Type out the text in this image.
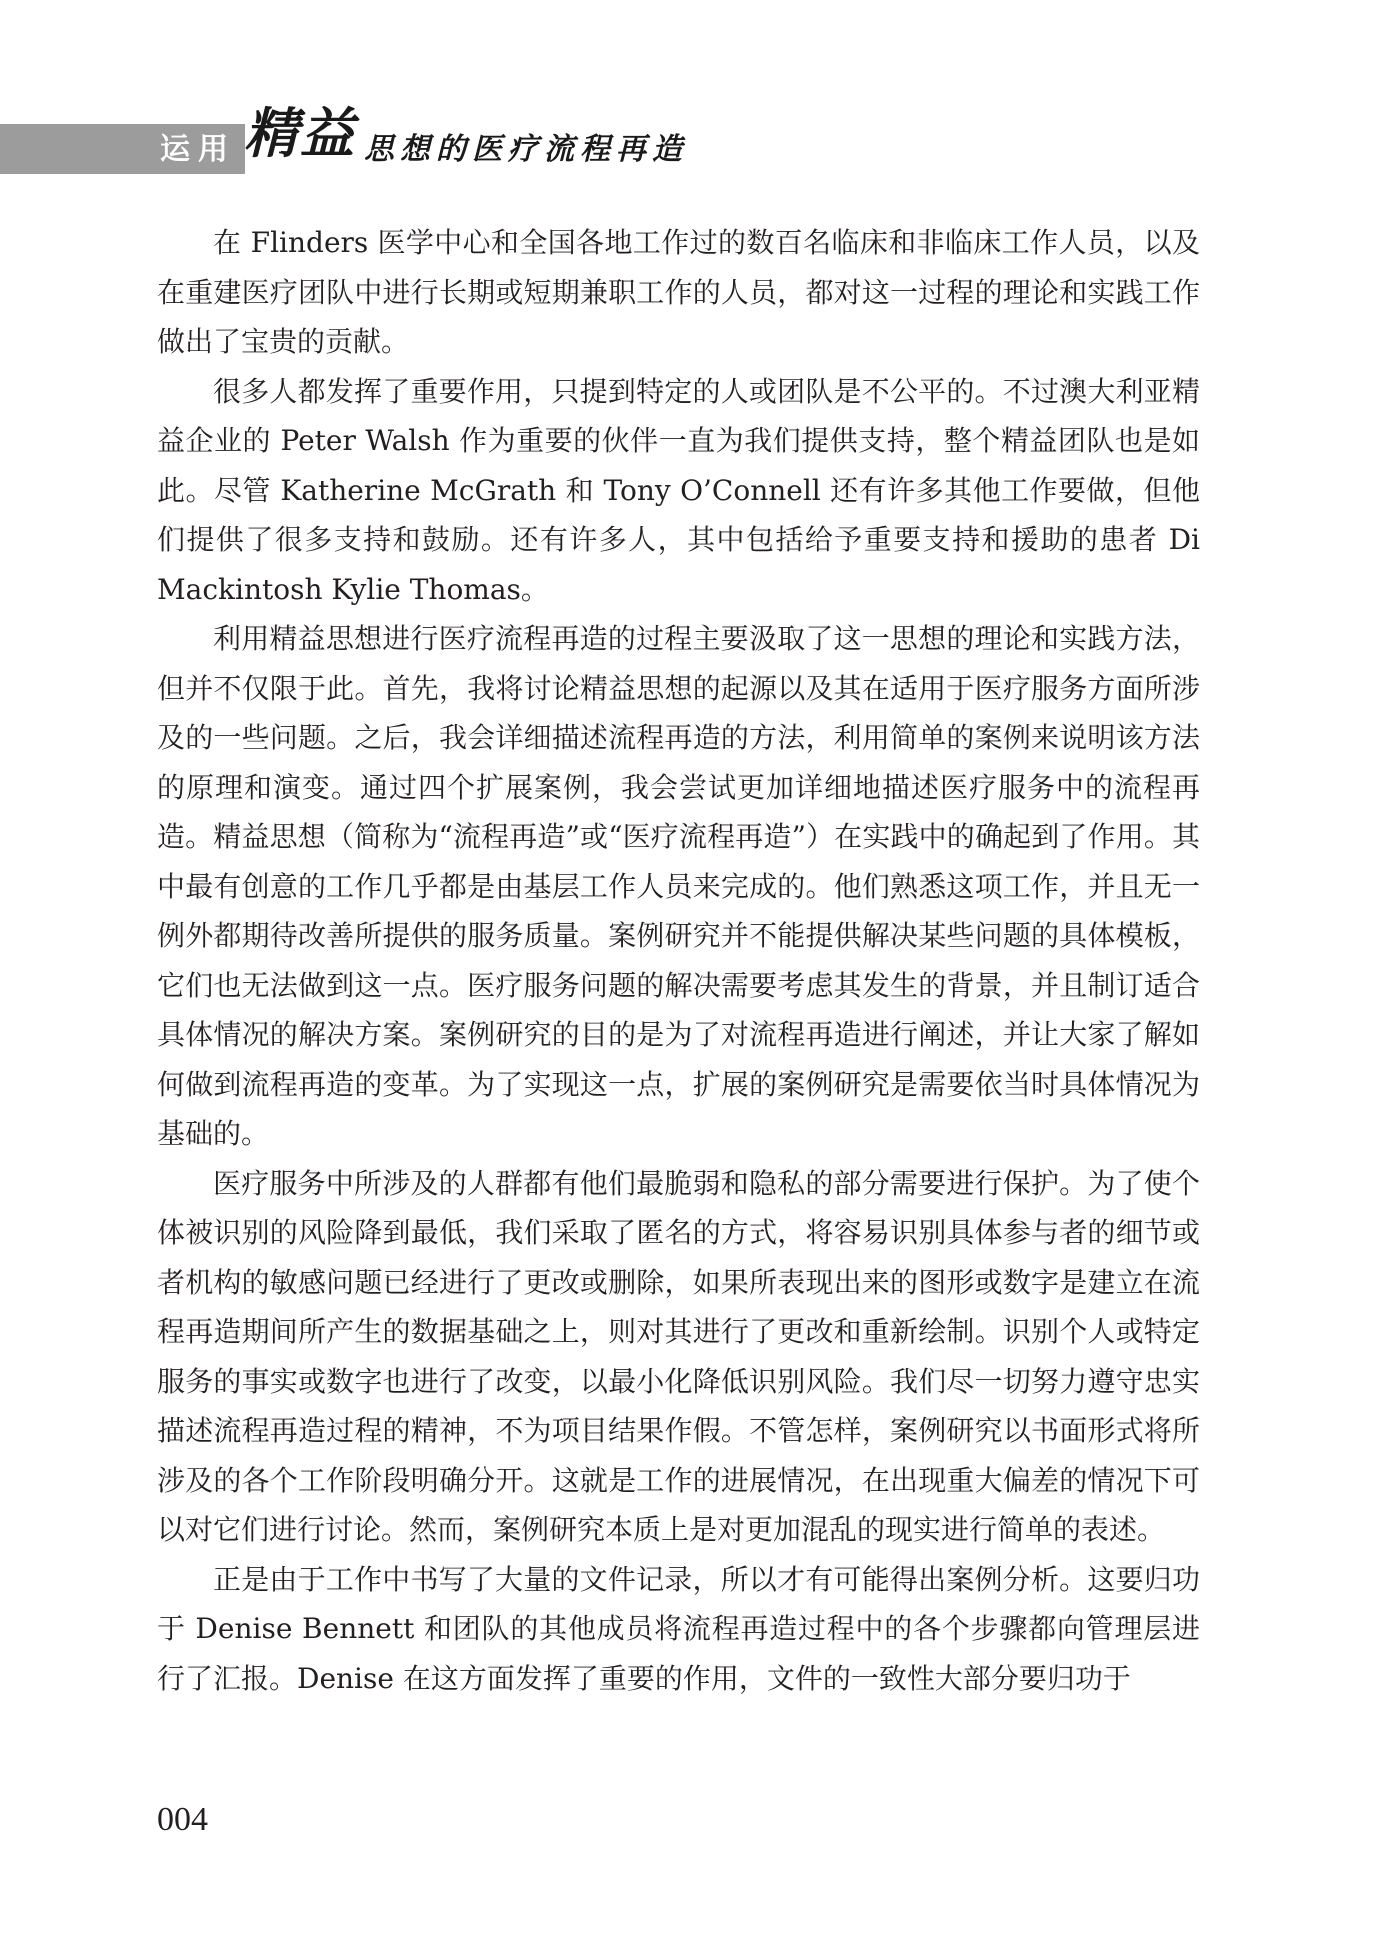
运用 精益 思想的医疗流程再造

在 Flinders 医学中心和全国各地工作过的数百名临床和非临床工作人员，以及在重建医疗团队中进行长期或短期兼职工作的人员，都对这一过程的理论和实践工作做出了宝贵的贡献。

很多人都发挥了重要作用，只提到特定的人或团队是不公平的。不过澳大利亚精益企业的 Peter Walsh 作为重要的伙伴一直为我们提供支持，整个精益团队也是如此。尽管 Katherine McGrath 和 Tony O’Connell 还有许多其他工作要做，但他们提供了很多支持和鼓励。还有许多人，其中包括给予重要支持和援助的患者 Di Mackintosh Kylie Thomas。

利用精益思想进行医疗流程再造的过程主要汲取了这一思想的理论和实践方法，但并不仅限于此。首先，我将讨论精益思想的起源以及其在适用于医疗服务方面所涉及的一些问题。之后，我会详细描述流程再造的方法，利用简单的案例来说明该方法的原理和演变。通过四个扩展案例，我会尝试更加详细地描述医疗服务中的流程再造。精益思想（简称为“流程再造”或“医疗流程再造”）在实践中的确起到了作用。其中最有创意的工作几乎都是由基层工作人员来完成的。他们熟悉这项工作，并且无一例外都期待改善所提供的服务质量。案例研究并不能提供解决某些问题的具体模板，它们也无法做到这一点。医疗服务问题的解决需要考虑其发生的背景，并且制订适合具体情况的解决方案。案例研究的目的是为了对流程再造进行阐述，并让大家了解如何做到流程再造的变革。为了实现这一点，扩展的案例研究是需要依当时具体情况为基础的。

医疗服务中所涉及的人群都有他们最脆弱和隐私的部分需要进行保护。为了使个体被识别的风险降到最低，我们采取了匿名的方式，将容易识别具体参与者的细节或者机构的敏感问题已经进行了更改或删除，如果所表现出来的图形或数字是建立在流程再造期间所产生的数据基础之上，则对其进行了更改和重新绘制。识别个人或特定服务的事实或数字也进行了改变，以最小化降低识别风险。我们尽一切努力遵守忠实描述流程再造过程的精神，不为项目结果作假。不管怎样，案例研究以书面形式将所涉及的各个工作阶段明确分开。这就是工作的进展情况，在出现重大偏差的情况下可以对它们进行讨论。然而，案例研究本质上是对更加混乱的现实进行简单的表述。

正是由于工作中书写了大量的文件记录，所以才有可能得出案例分析。这要归功于 Denise Bennett 和团队的其他成员将流程再造过程中的各个步骤都向管理层进行了汇报。Denise 在这方面发挥了重要的作用，文件的一致性大部分要归功于

004
